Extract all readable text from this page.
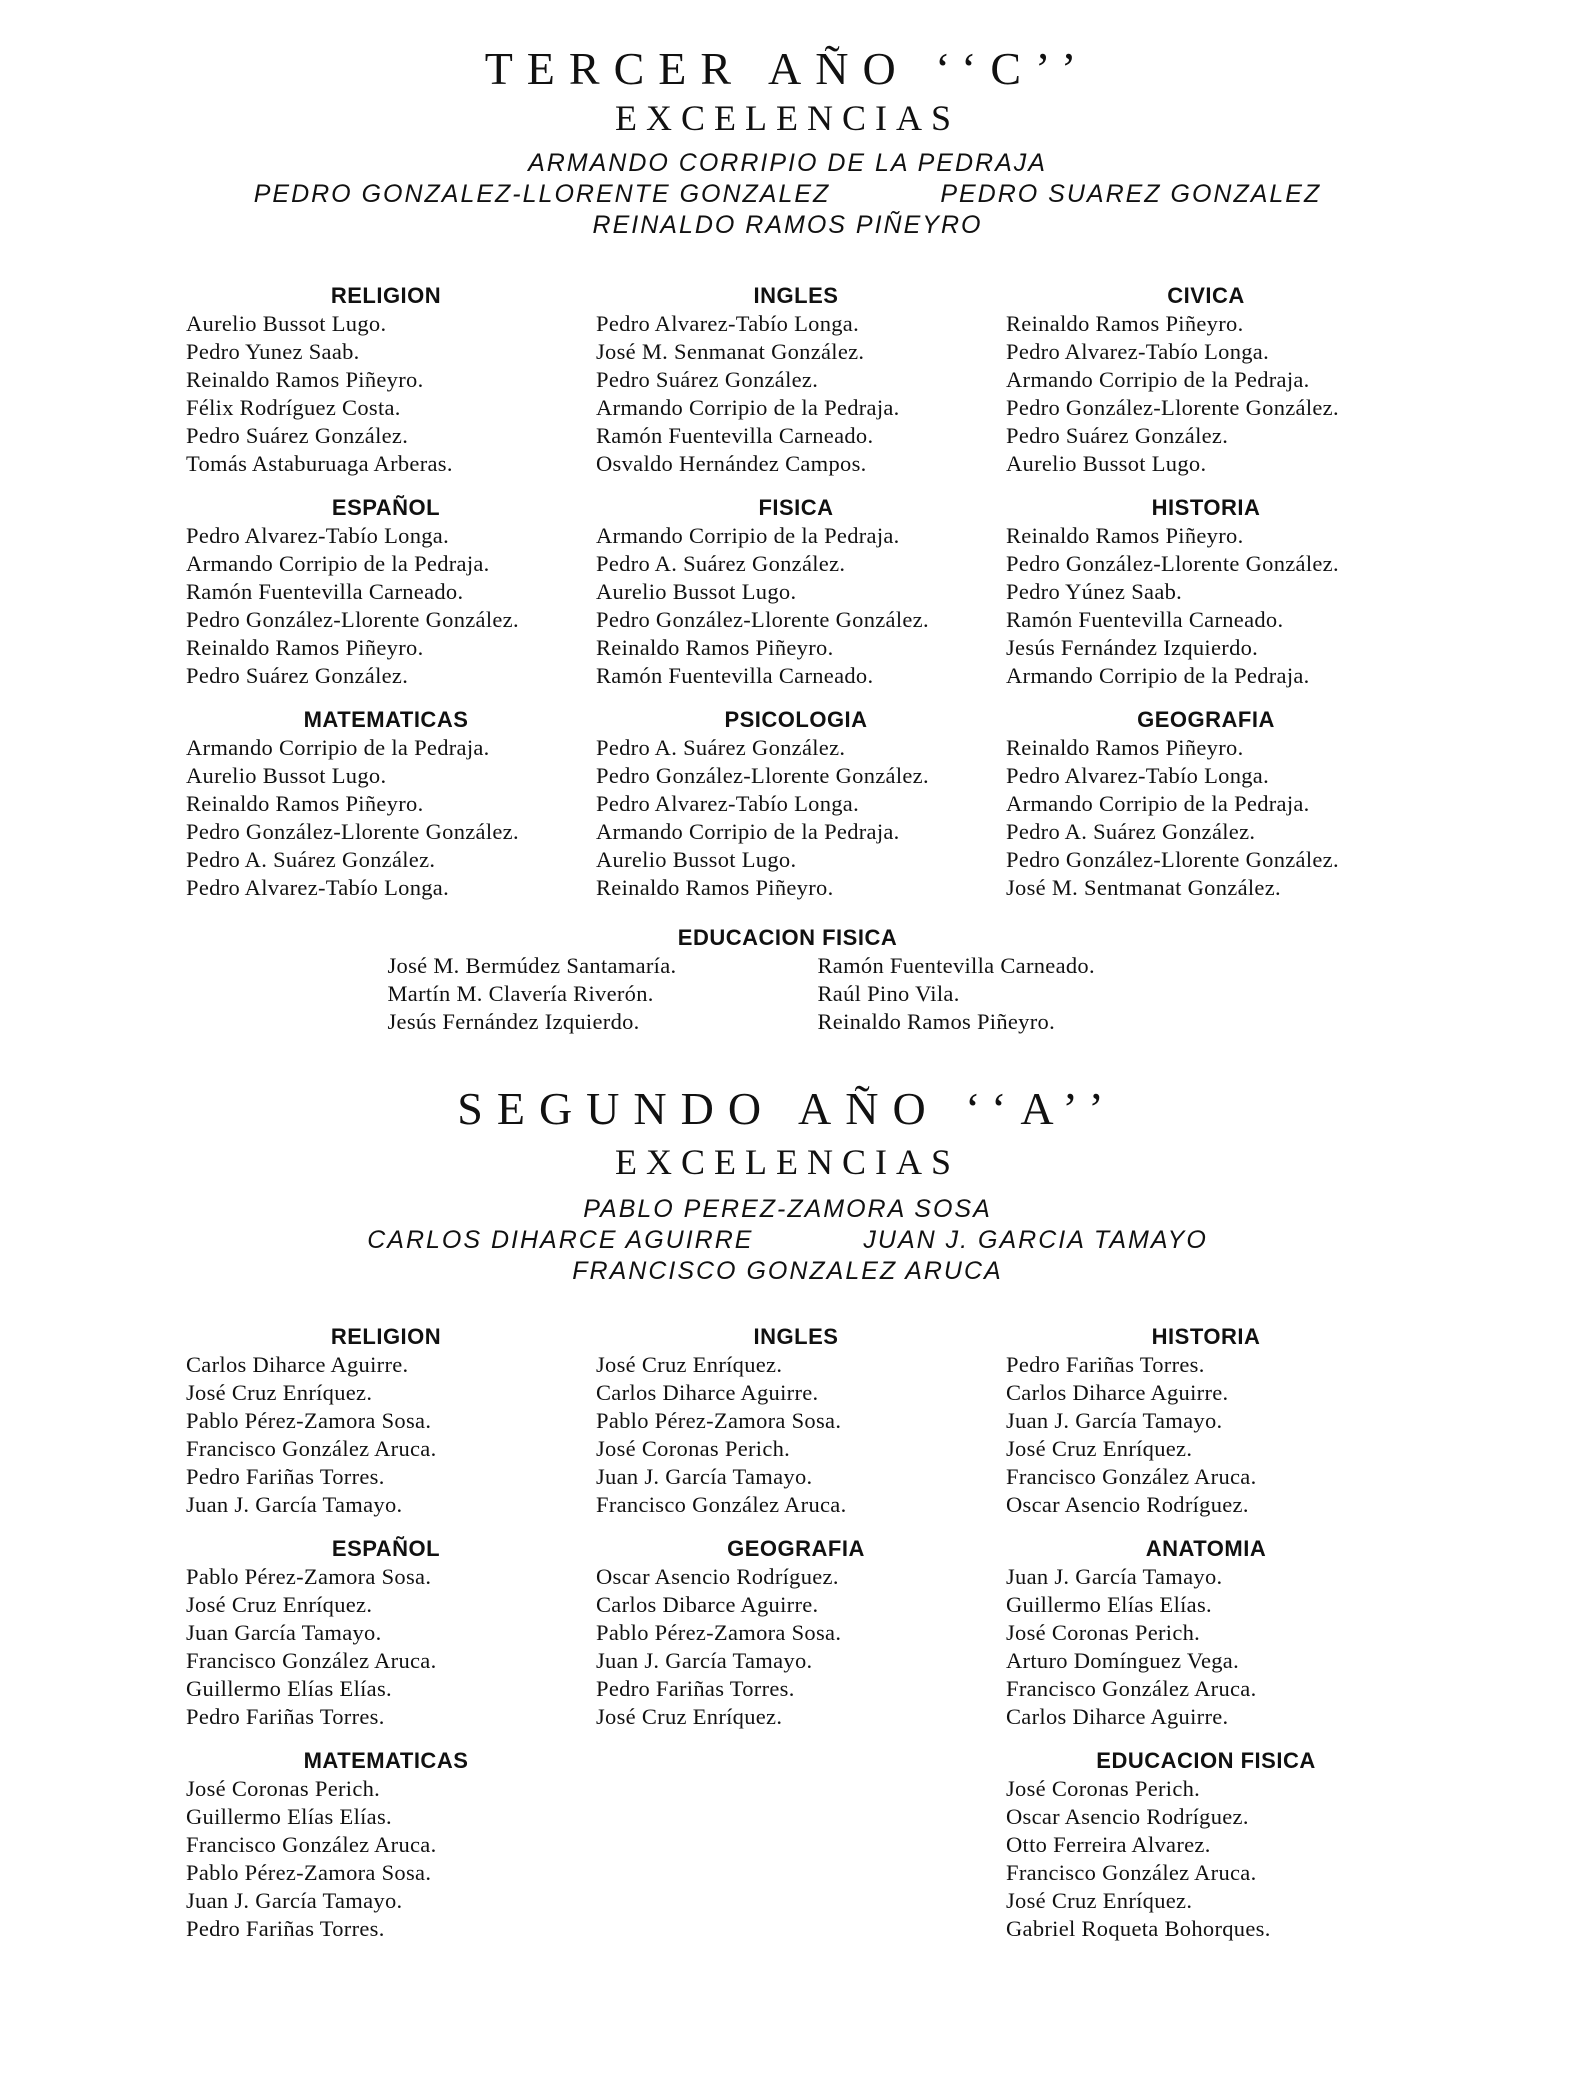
TERCER AÑO ‘‘C’’
EXCELENCIAS

ARMANDO CORRIPIO DE LA PEDRAJA

PEDRO GONZALEZ-LLORENTE GONZALEZ	PEDRO SUAREZ GONZALEZ

REINALDO RAMOS PIÑEYRO

RELIGION

Aurelio Bussot Lugo.
Pedro Yunez Saab.
Reinaldo Ramos Piñeyro.
Félix Rodríguez Costa.
Pedro Suárez González.
Tomás Astaburuaga Arberas.

ESPAÑOL

Pedro Alvarez-Tabío Longa.
Armando Corripio de la Pedraja.
Ramón Fuentevilla Carneado.
Pedro González-Llorente González.
Reinaldo Ramos Piñeyro.
Pedro Suárez González.

MATEMATICAS

Armando Corripio de la Pedraja.
Aurelio Bussot Lugo.
Reinaldo Ramos Piñeyro.
Pedro González-Llorente González.
Pedro A. Suárez González.
Pedro Alvarez-Tabío Longa.

INGLES

Pedro Alvarez-Tabío Longa.
José M. Senmanat González.
Pedro Suárez González.
Armando Corripio de la Pedraja.
Ramón Fuentevilla Carneado.
Osvaldo Hernández Campos.

FISICA

Armando Corripio de la Pedraja.
Pedro A. Suárez González.
Aurelio Bussot Lugo.
Pedro González-Llorente González.
Reinaldo Ramos Piñeyro.
Ramón Fuentevilla Carneado.

PSICOLOGIA

Pedro A. Suárez González.
Pedro González-Llorente González.
Pedro Alvarez-Tabío Longa.
Armando Corripio de la Pedraja.
Aurelio Bussot Lugo.
Reinaldo Ramos Piñeyro.

CIVICA

Reinaldo Ramos Piñeyro.
Pedro Alvarez-Tabío Longa.
Armando Corripio de la Pedraja.
Pedro González-Llorente González.
Pedro Suárez González.
Aurelio Bussot Lugo.

HISTORIA

Reinaldo Ramos Piñeyro.
Pedro González-Llorente González.
Pedro Yúnez Saab.
Ramón Fuentevilla Carneado.
Jesús Fernández Izquierdo.
Armando Corripio de la Pedraja.

GEOGRAFIA

Reinaldo Ramos Piñeyro.
Pedro Alvarez-Tabío Longa.
Armando Corripio de la Pedraja.
Pedro A. Suárez González.
Pedro González-Llorente González.
José M. Sentmanat González.

EDUCACION FISICA

José M. Bermúdez Santamaría.
Martín M. Clavería Riverón.
Jesús Fernández Izquierdo.
Ramón Fuentevilla Carneado.
Raúl Pino Vila.
Reinaldo Ramos Piñeyro.
SEGUNDO AÑO ‘‘A’’
EXCELENCIAS

PABLO PEREZ-ZAMORA SOSA

CARLOS DIHARCE AGUIRRE	JUAN J. GARCIA TAMAYO

FRANCISCO GONZALEZ ARUCA

RELIGION

Carlos Diharce Aguirre.
José Cruz Enríquez.
Pablo Pérez-Zamora Sosa.
Francisco González Aruca.
Pedro Fariñas Torres.
Juan J. García Tamayo.

ESPAÑOL

Pablo Pérez-Zamora Sosa.
José Cruz Enríquez.
Juan García Tamayo.
Francisco González Aruca.
Guillermo Elías Elías.
Pedro Fariñas Torres.

MATEMATICAS

José Coronas Perich.
Guillermo Elías Elías.
Francisco González Aruca.
Pablo Pérez-Zamora Sosa.
Juan J. García Tamayo.
Pedro Fariñas Torres.

INGLES

José Cruz Enríquez.
Carlos Diharce Aguirre.
Pablo Pérez-Zamora Sosa.
José Coronas Perich.
Juan J. García Tamayo.
Francisco González Aruca.

GEOGRAFIA

Oscar Asencio Rodríguez.
Carlos Dibarce Aguirre.
Pablo Pérez-Zamora Sosa.
Juan J. García Tamayo.
Pedro Fariñas Torres.
José Cruz Enríquez.

HISTORIA

Pedro Fariñas Torres.
Carlos Diharce Aguirre.
Juan J. García Tamayo.
José Cruz Enríquez.
Francisco González Aruca.
Oscar Asencio Rodríguez.

ANATOMIA

Juan J. García Tamayo.
Guillermo Elías Elías.
José Coronas Perich.
Arturo Domínguez Vega.
Francisco González Aruca.
Carlos Diharce Aguirre.

EDUCACION FISICA

José Coronas Perich.
Oscar Asencio Rodríguez.
Otto Ferreira Alvarez.
Francisco González Aruca.
José Cruz Enríquez.
Gabriel Roqueta Bohorques.
